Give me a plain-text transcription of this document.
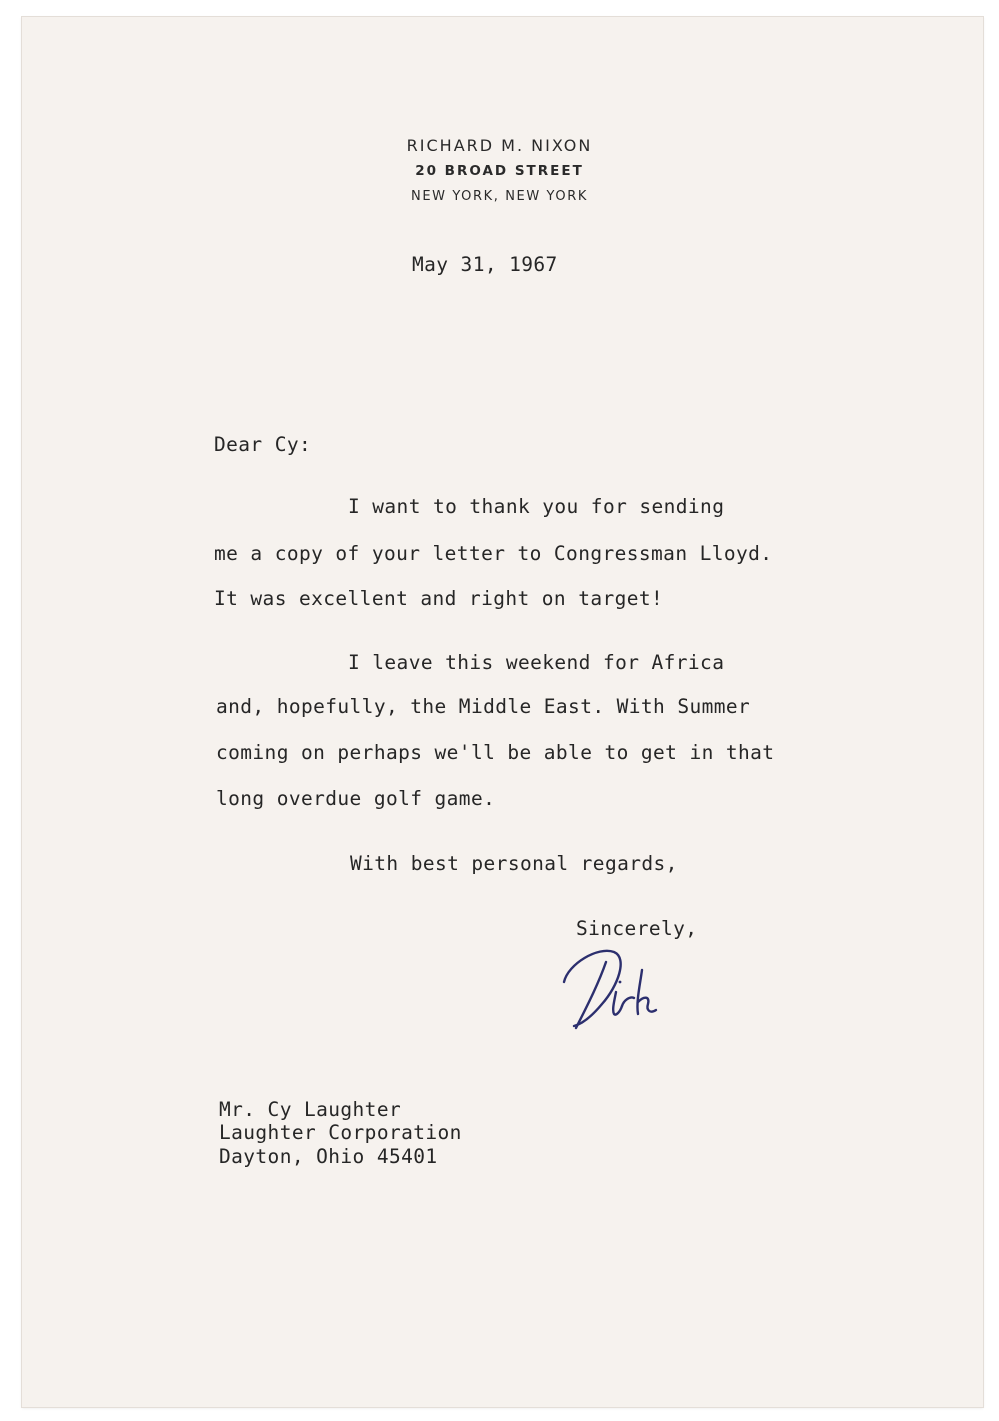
RICHARD M. NIXON
20 BROAD STREET
NEW YORK, NEW YORK
May 31, 1967
Dear Cy:
I want to thank you for sending
me a copy of your letter to Congressman Lloyd.
It was excellent and right on target!
I leave this weekend for Africa
and, hopefully, the Middle East. With Summer
coming on perhaps we'll be able to get in that
long overdue golf game.
With best personal regards,
Sincerely,
Mr. Cy Laughter
Laughter Corporation
Dayton, Ohio 45401
